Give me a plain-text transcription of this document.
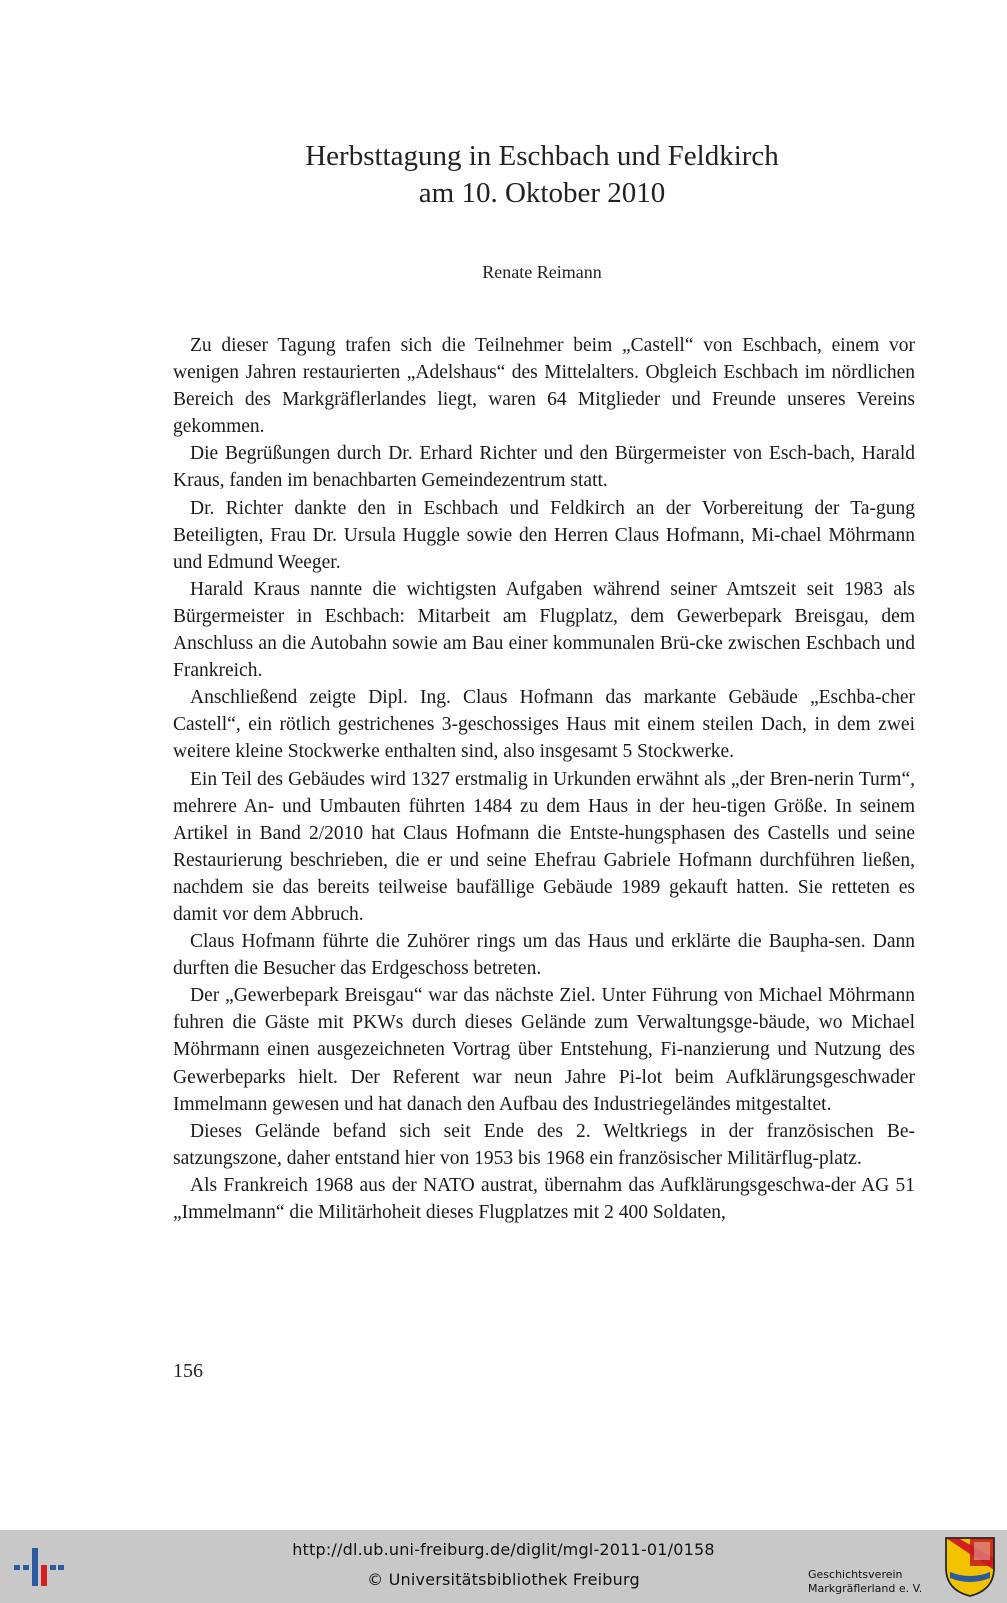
Herbsttagung in Eschbach und Feldkirch
am 10. Oktober 2010
Renate Reimann

Zu dieser Tagung trafen sich die Teilnehmer beim „Castell“ von Eschbach, einem vor wenigen Jahren restaurierten „Adelshaus“ des Mittelalters. Obgleich Eschbach im nördlichen Bereich des Markgräflerlandes liegt, waren 64 Mitglieder und Freunde unseres Vereins gekommen.

Die Begrüßungen durch Dr. Erhard Richter und den Bürgermeister von Esch-bach, Harald Kraus, fanden im benachbarten Gemeindezentrum statt.

Dr. Richter dankte den in Eschbach und Feldkirch an der Vorbereitung der Ta-gung Beteiligten, Frau Dr. Ursula Huggle sowie den Herren Claus Hofmann, Mi-chael Möhrmann und Edmund Weeger.

Harald Kraus nannte die wichtigsten Aufgaben während seiner Amtszeit seit 1983 als Bürgermeister in Eschbach: Mitarbeit am Flugplatz, dem Gewerbepark Breisgau, dem Anschluss an die Autobahn sowie am Bau einer kommunalen Brü-cke zwischen Eschbach und Frankreich.

Anschließend zeigte Dipl. Ing. Claus Hofmann das markante Gebäude „Eschba-cher Castell“, ein rötlich gestrichenes 3-geschossiges Haus mit einem steilen Dach, in dem zwei weitere kleine Stockwerke enthalten sind, also insgesamt 5 Stockwerke.

Ein Teil des Gebäudes wird 1327 erstmalig in Urkunden erwähnt als „der Bren-nerin Turm“, mehrere An- und Umbauten führten 1484 zu dem Haus in der heu-tigen Größe. In seinem Artikel in Band 2/2010 hat Claus Hofmann die Entste-hungsphasen des Castells und seine Restaurierung beschrieben, die er und seine Ehefrau Gabriele Hofmann durchführen ließen, nachdem sie das bereits teilweise baufällige Gebäude 1989 gekauft hatten. Sie retteten es damit vor dem Abbruch.

Claus Hofmann führte die Zuhörer rings um das Haus und erklärte die Baupha-sen. Dann durften die Besucher das Erdgeschoss betreten.

Der „Gewerbepark Breisgau“ war das nächste Ziel. Unter Führung von Michael Möhrmann fuhren die Gäste mit PKWs durch dieses Gelände zum Verwaltungsge-bäude, wo Michael Möhrmann einen ausgezeichneten Vortrag über Entstehung, Fi-nanzierung und Nutzung des Gewerbeparks hielt. Der Referent war neun Jahre Pi-lot beim Aufklärungsgeschwader Immelmann gewesen und hat danach den Aufbau des Industriegeländes mitgestaltet.

Dieses Gelände befand sich seit Ende des 2. Weltkriegs in der französischen Be-satzungszone, daher entstand hier von 1953 bis 1968 ein französischer Militärflug-platz.

Als Frankreich 1968 aus der NATO austrat, übernahm das Aufklärungsgeschwa-der AG 51 „Immelmann“ die Militärhoheit dieses Flugplatzes mit 2 400 Soldaten,

156
http://dl.ub.uni-freiburg.de/diglit/mgl-2011-01/0158
© Universitätsbibliothek Freiburg	Geschichtsverein
Markgräflerland e. V.
